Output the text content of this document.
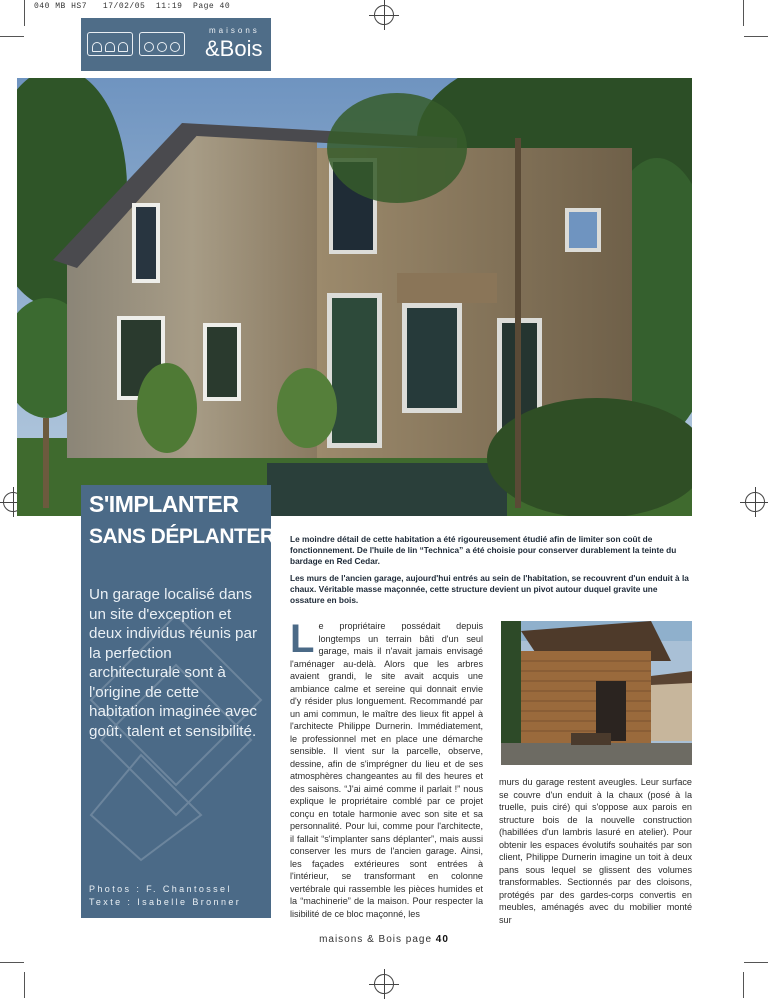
040 MB HS7   17/02/05  11:19  Page 40
maisons
&Bois
S'IMPLANTER
SANS DÉPLANTER
Un garage localisé dans un site d'exception et deux individus réunis par la perfection architecturale sont à l'origine de cette habitation imaginée avec goût, talent et sensibilité.
Photos : F. Chantossel
Texte : Isabelle Bronner

Le moindre détail de cette habitation a été rigoureusement étudié afin de limiter son coût de fonctionnement. De l'huile de lin “Technica” a été choisie pour conserver durablement la teinte du bardage en Red Cedar.

Les murs de l'ancien garage, aujourd'hui entrés au sein de l'habitation, se recouvrent d'un enduit à la chaux. Véritable masse maçonnée, cette structure devient un pivot autour duquel gravite une ossature en bois.

L e propriétaire possédait depuis longtemps un terrain bâti d'un seul garage, mais il n'avait jamais envisagé l'aménager au-delà. Alors que les arbres avaient grandi, le site avait acquis une ambiance calme et sereine qui donnait envie d'y résider plus longuement. Recommandé par un ami commun, le maître des lieux fit appel à l'architecte Philippe Durnerin. Immédiatement, le professionnel met en place une démarche sensible. Il vient sur la parcelle, observe, dessine, afin de s'imprégner du lieu et de ses atmosphères changeantes au fil des heures et des saisons. “J'ai aimé comme il parlait !” nous explique le propriétaire comblé par ce projet conçu en totale harmonie avec son site et sa personnalité. Pour lui, comme pour l'architecte, il fallait “s'implanter sans déplanter”, mais aussi conserver les murs de l'ancien garage. Ainsi, les façades extérieures sont entrées à l'intérieur, se transformant en colonne vertébrale qui rassemble les pièces humides et la “machinerie” de la maison. Pour respecter la lisibilité de ce bloc maçonné, les
murs du garage restent aveugles. Leur surface se couvre d'un enduit à la chaux (posé à la truelle, puis ciré) qui s'oppose aux parois en structure bois de la nouvelle construction (habillées d'un lambris lasuré en atelier). Pour obtenir les espaces évolutifs souhaités par son client, Philippe Durnerin imagine un toit à deux pans sous lequel se glissent des volumes transformables. Sectionnés par des cloisons, protégés par des gardes-corps convertis en meubles, aménagés avec du mobilier monté sur
maisons & Bois page 40
